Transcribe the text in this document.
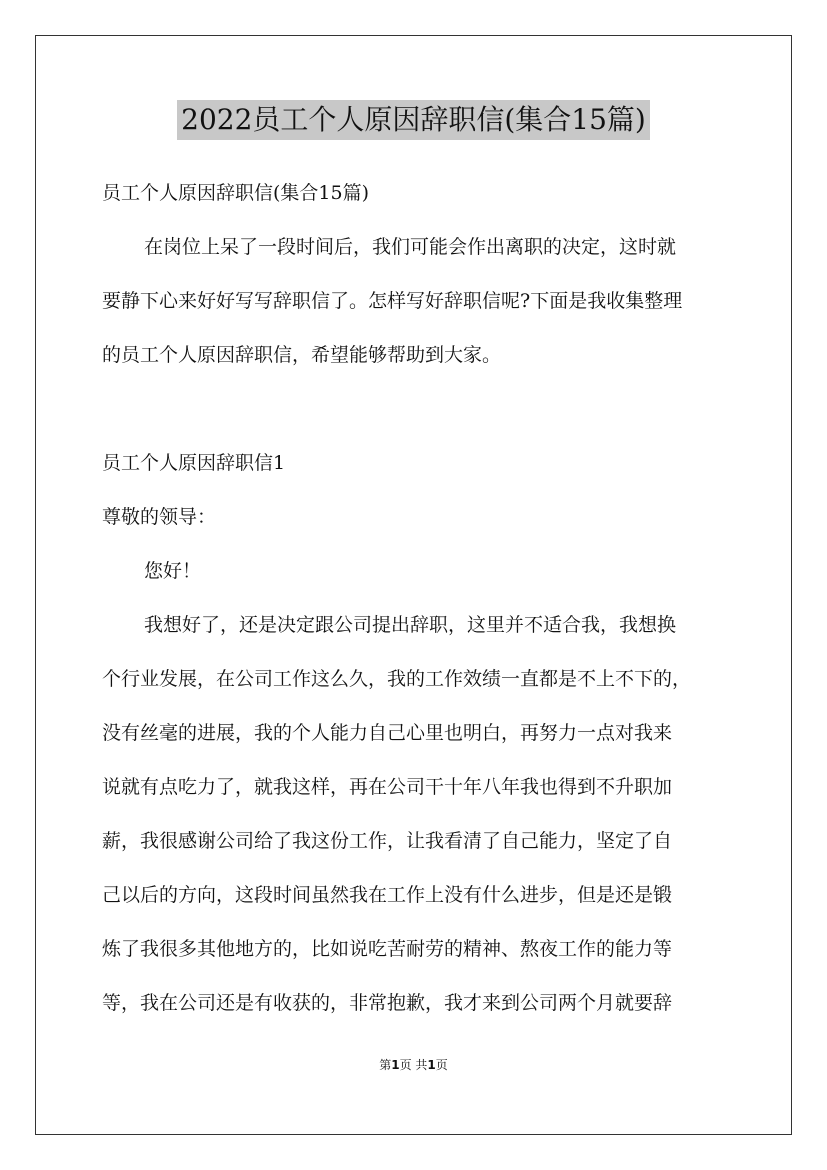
2022员工个人原因辞职信(集合15篇)
员工个人原因辞职信(集合15篇)
在岗位上呆了一段时间后，我们可能会作出离职的决定，这时就
要静下心来好好写写辞职信了。怎样写好辞职信呢?下面是我收集整理
的员工个人原因辞职信，希望能够帮助到大家。
员工个人原因辞职信1
尊敬的领导：
您好！
我想好了，还是决定跟公司提出辞职，这里并不适合我，我想换
个行业发展，在公司工作这么久，我的工作效绩一直都是不上不下的，
没有丝毫的进展，我的个人能力自己心里也明白，再努力一点对我来
说就有点吃力了，就我这样，再在公司干十年八年我也得到不升职加
薪，我很感谢公司给了我这份工作，让我看清了自己能力，坚定了自
己以后的方向，这段时间虽然我在工作上没有什么进步，但是还是锻
炼了我很多其他地方的，比如说吃苦耐劳的精神、熬夜工作的能力等
等，我在公司还是有收获的，非常抱歉，我才来到公司两个月就要辞
第1页 共1页
